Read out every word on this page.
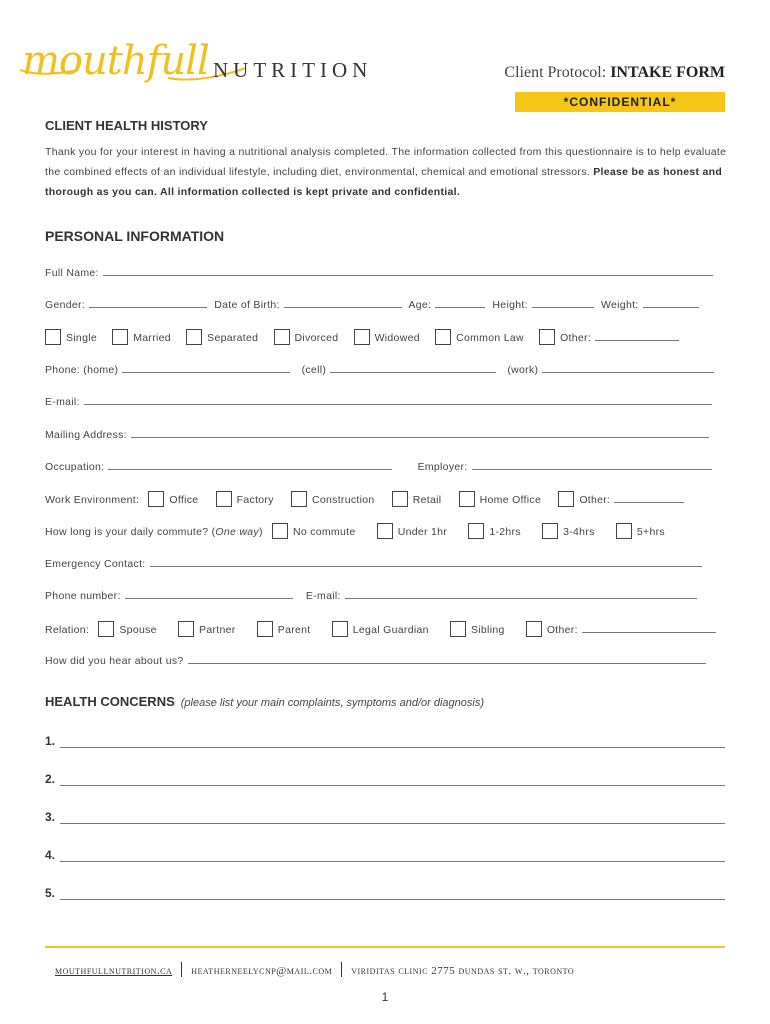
mouthfull NUTRITION	Client Protocol: INTAKE FORM
*CONFIDENTIAL*
CLIENT HEALTH HISTORY
Thank you for your interest in having a nutritional analysis completed. The information collected from this questionnaire is to help evaluate the combined effects of an individual lifestyle, including diet, environmental, chemical and emotional stressors. Please be as honest and thorough as you can. All information collected is kept private and confidential.
PERSONAL INFORMATION
Full Name:
Gender:	Date of Birth:	Age:	Height:	Weight:
Single	Married	Separated	Divorced	Widowed	Common Law	Other:
Phone: (home)	(cell)	(work)
E-mail:
Mailing Address:
Occupation:	Employer:
Work Environment:	Office	Factory	Construction	Retail	Home Office	Other:
How long is your daily commute? (One way)	No commute	Under 1hr	1-2hrs	3-4hrs	5+hrs
Emergency Contact:
Phone number:	E-mail:
Relation:	Spouse	Partner	Parent	Legal Guardian	Sibling	Other:
How did you hear about us?
HEALTH CONCERNS (please list your main complaints, symptoms and/or diagnosis)
1.
2.
3.
4.
5.
mouthfullnutrition.ca heatherneelycnp@mail.com viriditas clinic 2775 dundas st. w., toronto
1
